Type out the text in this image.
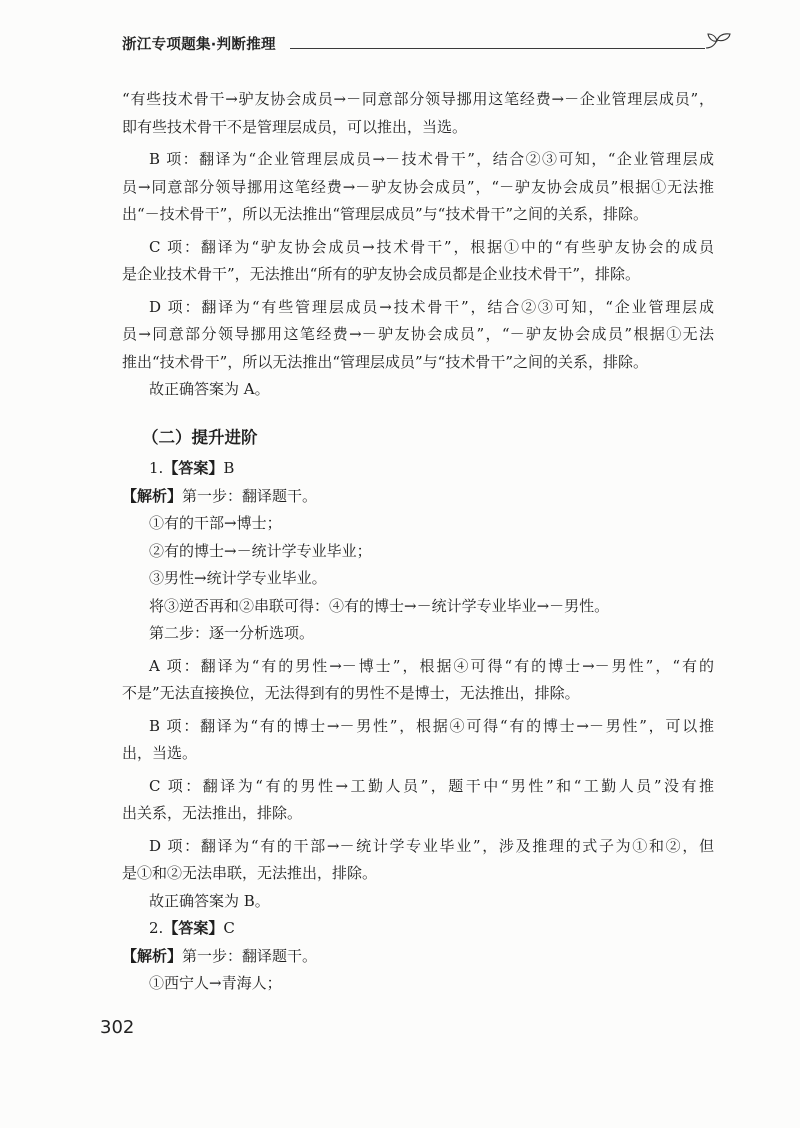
浙江专项题集·判断推理
“有些技术骨干→驴友协会成员→－同意部分领导挪用这笔经费→－企业管理层成员”，
即有些技术骨干不是管理层成员，可以推出，当选。
B 项：翻译为“企业管理层成员→－技术骨干”，结合②③可知，“企业管理层成
员→同意部分领导挪用这笔经费→－驴友协会成员”，“－驴友协会成员”根据①无法推
出“－技术骨干”，所以无法推出“管理层成员”与“技术骨干”之间的关系，排除。
C 项：翻译为“驴友协会成员→技术骨干”，根据①中的“有些驴友协会的成员
是企业技术骨干”，无法推出“所有的驴友协会成员都是企业技术骨干”，排除。
D 项：翻译为“有些管理层成员→技术骨干”，结合②③可知，“企业管理层成
员→同意部分领导挪用这笔经费→－驴友协会成员”，“－驴友协会成员”根据①无法
推出“技术骨干”，所以无法推出“管理层成员”与“技术骨干”之间的关系，排除。
故正确答案为 A。
（二）提升进阶
1.【答案】B
【解析】第一步：翻译题干。
①有的干部→博士；
②有的博士→－统计学专业毕业；
③男性→统计学专业毕业。
将③逆否再和②串联可得：④有的博士→－统计学专业毕业→－男性。
第二步：逐一分析选项。
A 项：翻译为“有的男性→－博士”，根据④可得“有的博士→－男性”，“有的
不是”无法直接换位，无法得到有的男性不是博士，无法推出，排除。
B 项：翻译为“有的博士→－男性”，根据④可得“有的博士→－男性”，可以推
出，当选。
C 项：翻译为“有的男性→工勤人员”，题干中“男性”和“工勤人员”没有推
出关系，无法推出，排除。
D 项：翻译为“有的干部→－统计学专业毕业”，涉及推理的式子为①和②，但
是①和②无法串联，无法推出，排除。
故正确答案为 B。
2.【答案】C
【解析】第一步：翻译题干。
①西宁人→青海人；
302
